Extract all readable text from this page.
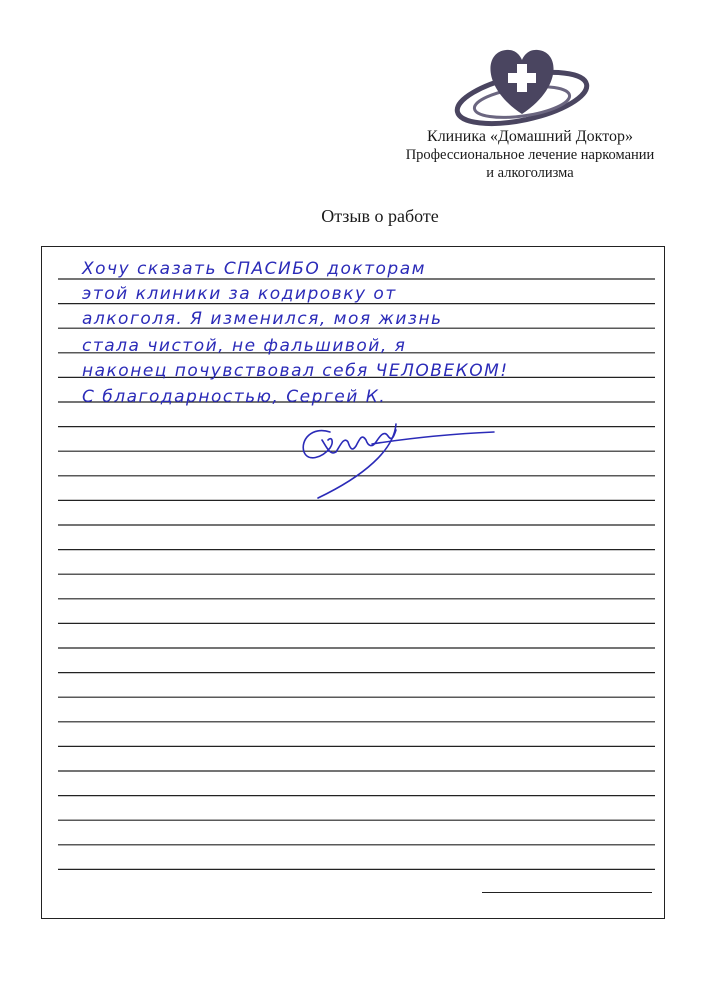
Клиника «Домашний Доктор»
Профессиональное лечение наркомании
и алкоголизма
Отзыв о работе
Хочу сказать СПАСИБО докторам
этой клиники за кодировку от
алкоголя. Я изменился, моя жизнь
стала чистой, не фальшивой, я
наконец почувствовал себя ЧЕЛОВЕКОМ!
С благодарностью, Сергей К.
